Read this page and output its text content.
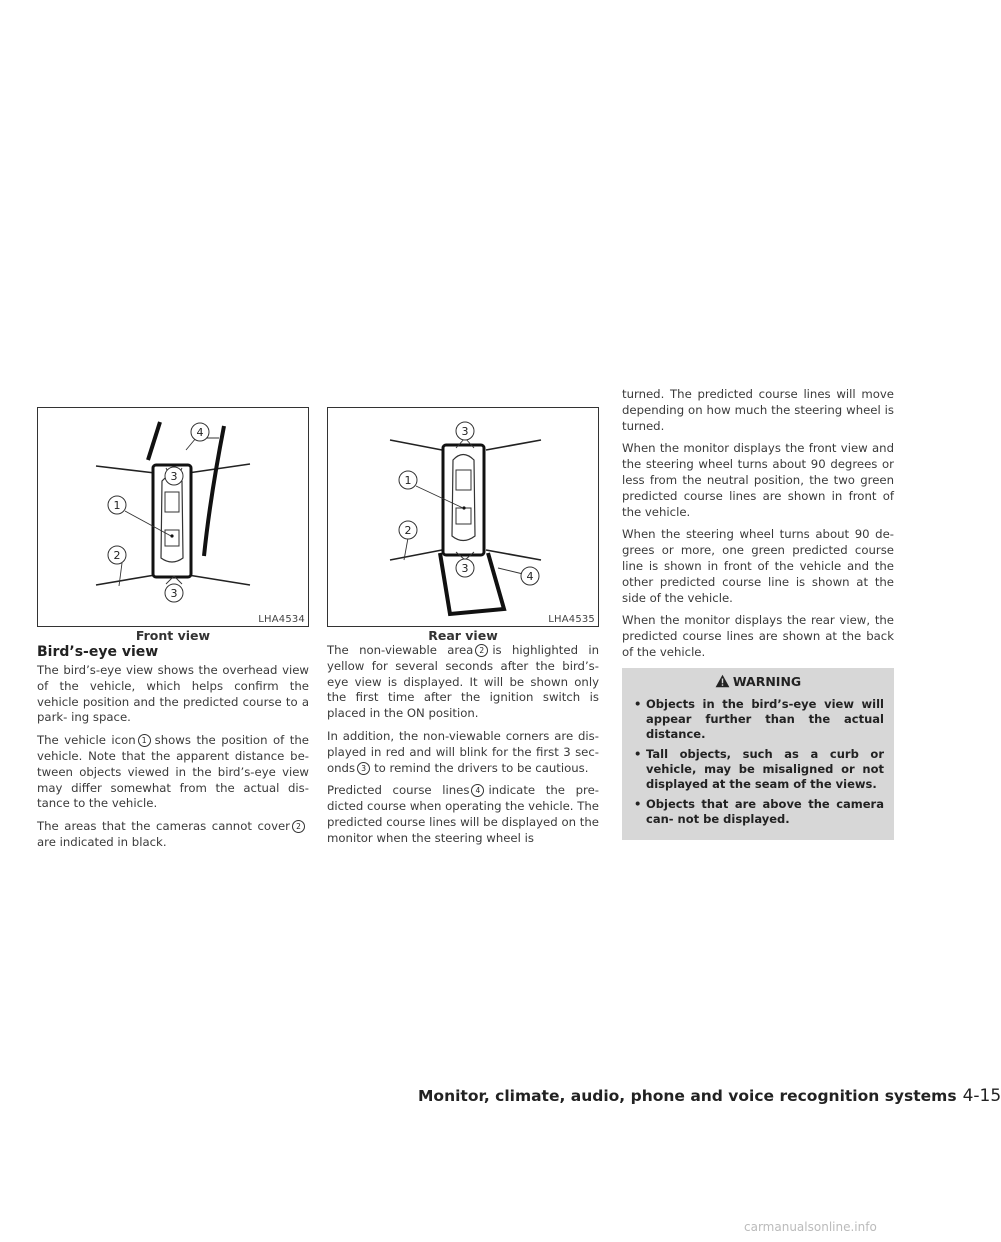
1
2
3
3
4
LHA4534
Front view
Bird’s-eye view

The bird’s-eye view shows the overhead view of the vehicle, which helps confirm the vehicle position and the predicted course to a park- ing space.

The vehicle icon 1 shows the position of the vehicle. Note that the apparent distance be- tween objects viewed in the bird’s-eye view may differ somewhat from the actual dis- tance to the vehicle.

The areas that the cameras cannot cover 2are indicated in black.

1
2
3
3
4
LHA4535
Rear view

The non-viewable area 2 is highlighted in yellow for several seconds after the bird’s- eye view is displayed. It will be shown only the first time after the ignition switch is placed in the ON position.

In addition, the non-viewable corners are dis- played in red and will blink for the first 3 sec- onds 3 to remind the drivers to be cautious.

Predicted course lines 4 indicate the pre- dicted course when operating the vehicle. The predicted course lines will be displayed on the monitor when the steering wheel is

turned. The predicted course lines will move depending on how much the steering wheel is turned.

When the monitor displays the front view and the steering wheel turns about 90 degrees or less from the neutral position, the two green predicted course lines are shown in front of the vehicle.

When the steering wheel turns about 90 de- grees or more, one green predicted course line is shown in front of the vehicle and the other predicted course line is shown at the side of the vehicle.

When the monitor displays the rear view, the predicted course lines are shown at the back of the vehicle.

WARNING
• Objects in the bird’s-eye view will appear further than the actual distance.
• Tall objects, such as a curb or vehicle, may be misaligned or not displayed at the seam of the views.
• Objects that are above the camera can- not be displayed.
Monitor, climate, audio, phone and voice recognition systems 4-15
carmanualsonline.info
